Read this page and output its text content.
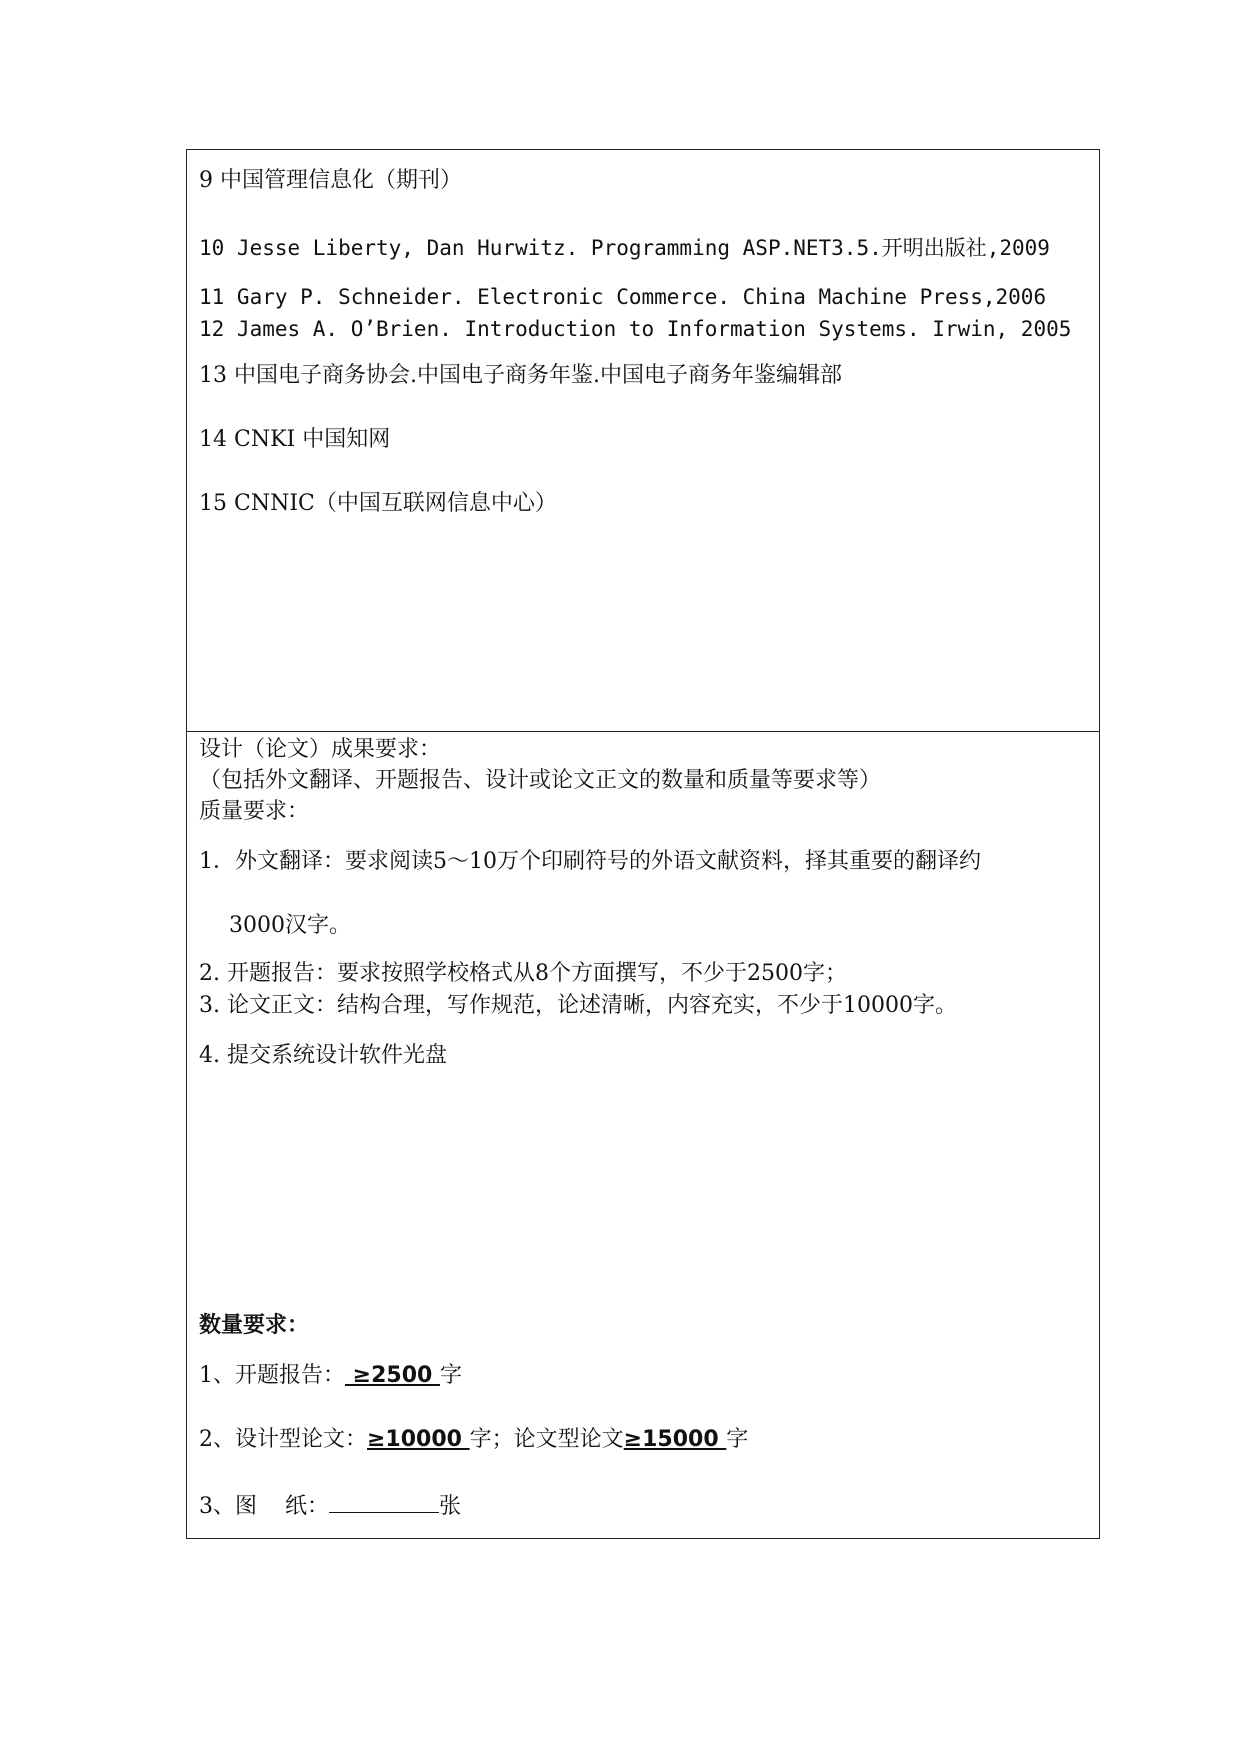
9 中国管理信息化（期刊）
10 Jesse Liberty, Dan Hurwitz. Programming ASP.NET3.5.开明出版社,2009
11 Gary P. Schneider. Electronic Commerce. China Machine Press,2006
12 James A. O’Brien. Introduction to Information Systems. Irwin, 2005
13 中国电子商务协会.中国电子商务年鉴.中国电子商务年鉴编辑部
14 CNKI 中国知网
15 CNNIC（中国互联网信息中心）
设计（论文）成果要求：
（包括外文翻译、开题报告、设计或论文正文的数量和质量等要求等）
质量要求：
1．外文翻译：要求阅读5～10万个印刷符号的外语文献资料，择其重要的翻译约
3000汉字。
2. 开题报告：要求按照学校格式从8个方面撰写，不少于2500字；
3. 论文正文：结构合理，写作规范，论述清晰，内容充实，不少于10000字。
4. 提交系统设计软件光盘
数量要求：
1、开题报告： ≥2500 字
2、设计型论文：≥10000 字；论文型论文≥15000 字
3、图    纸：	张
